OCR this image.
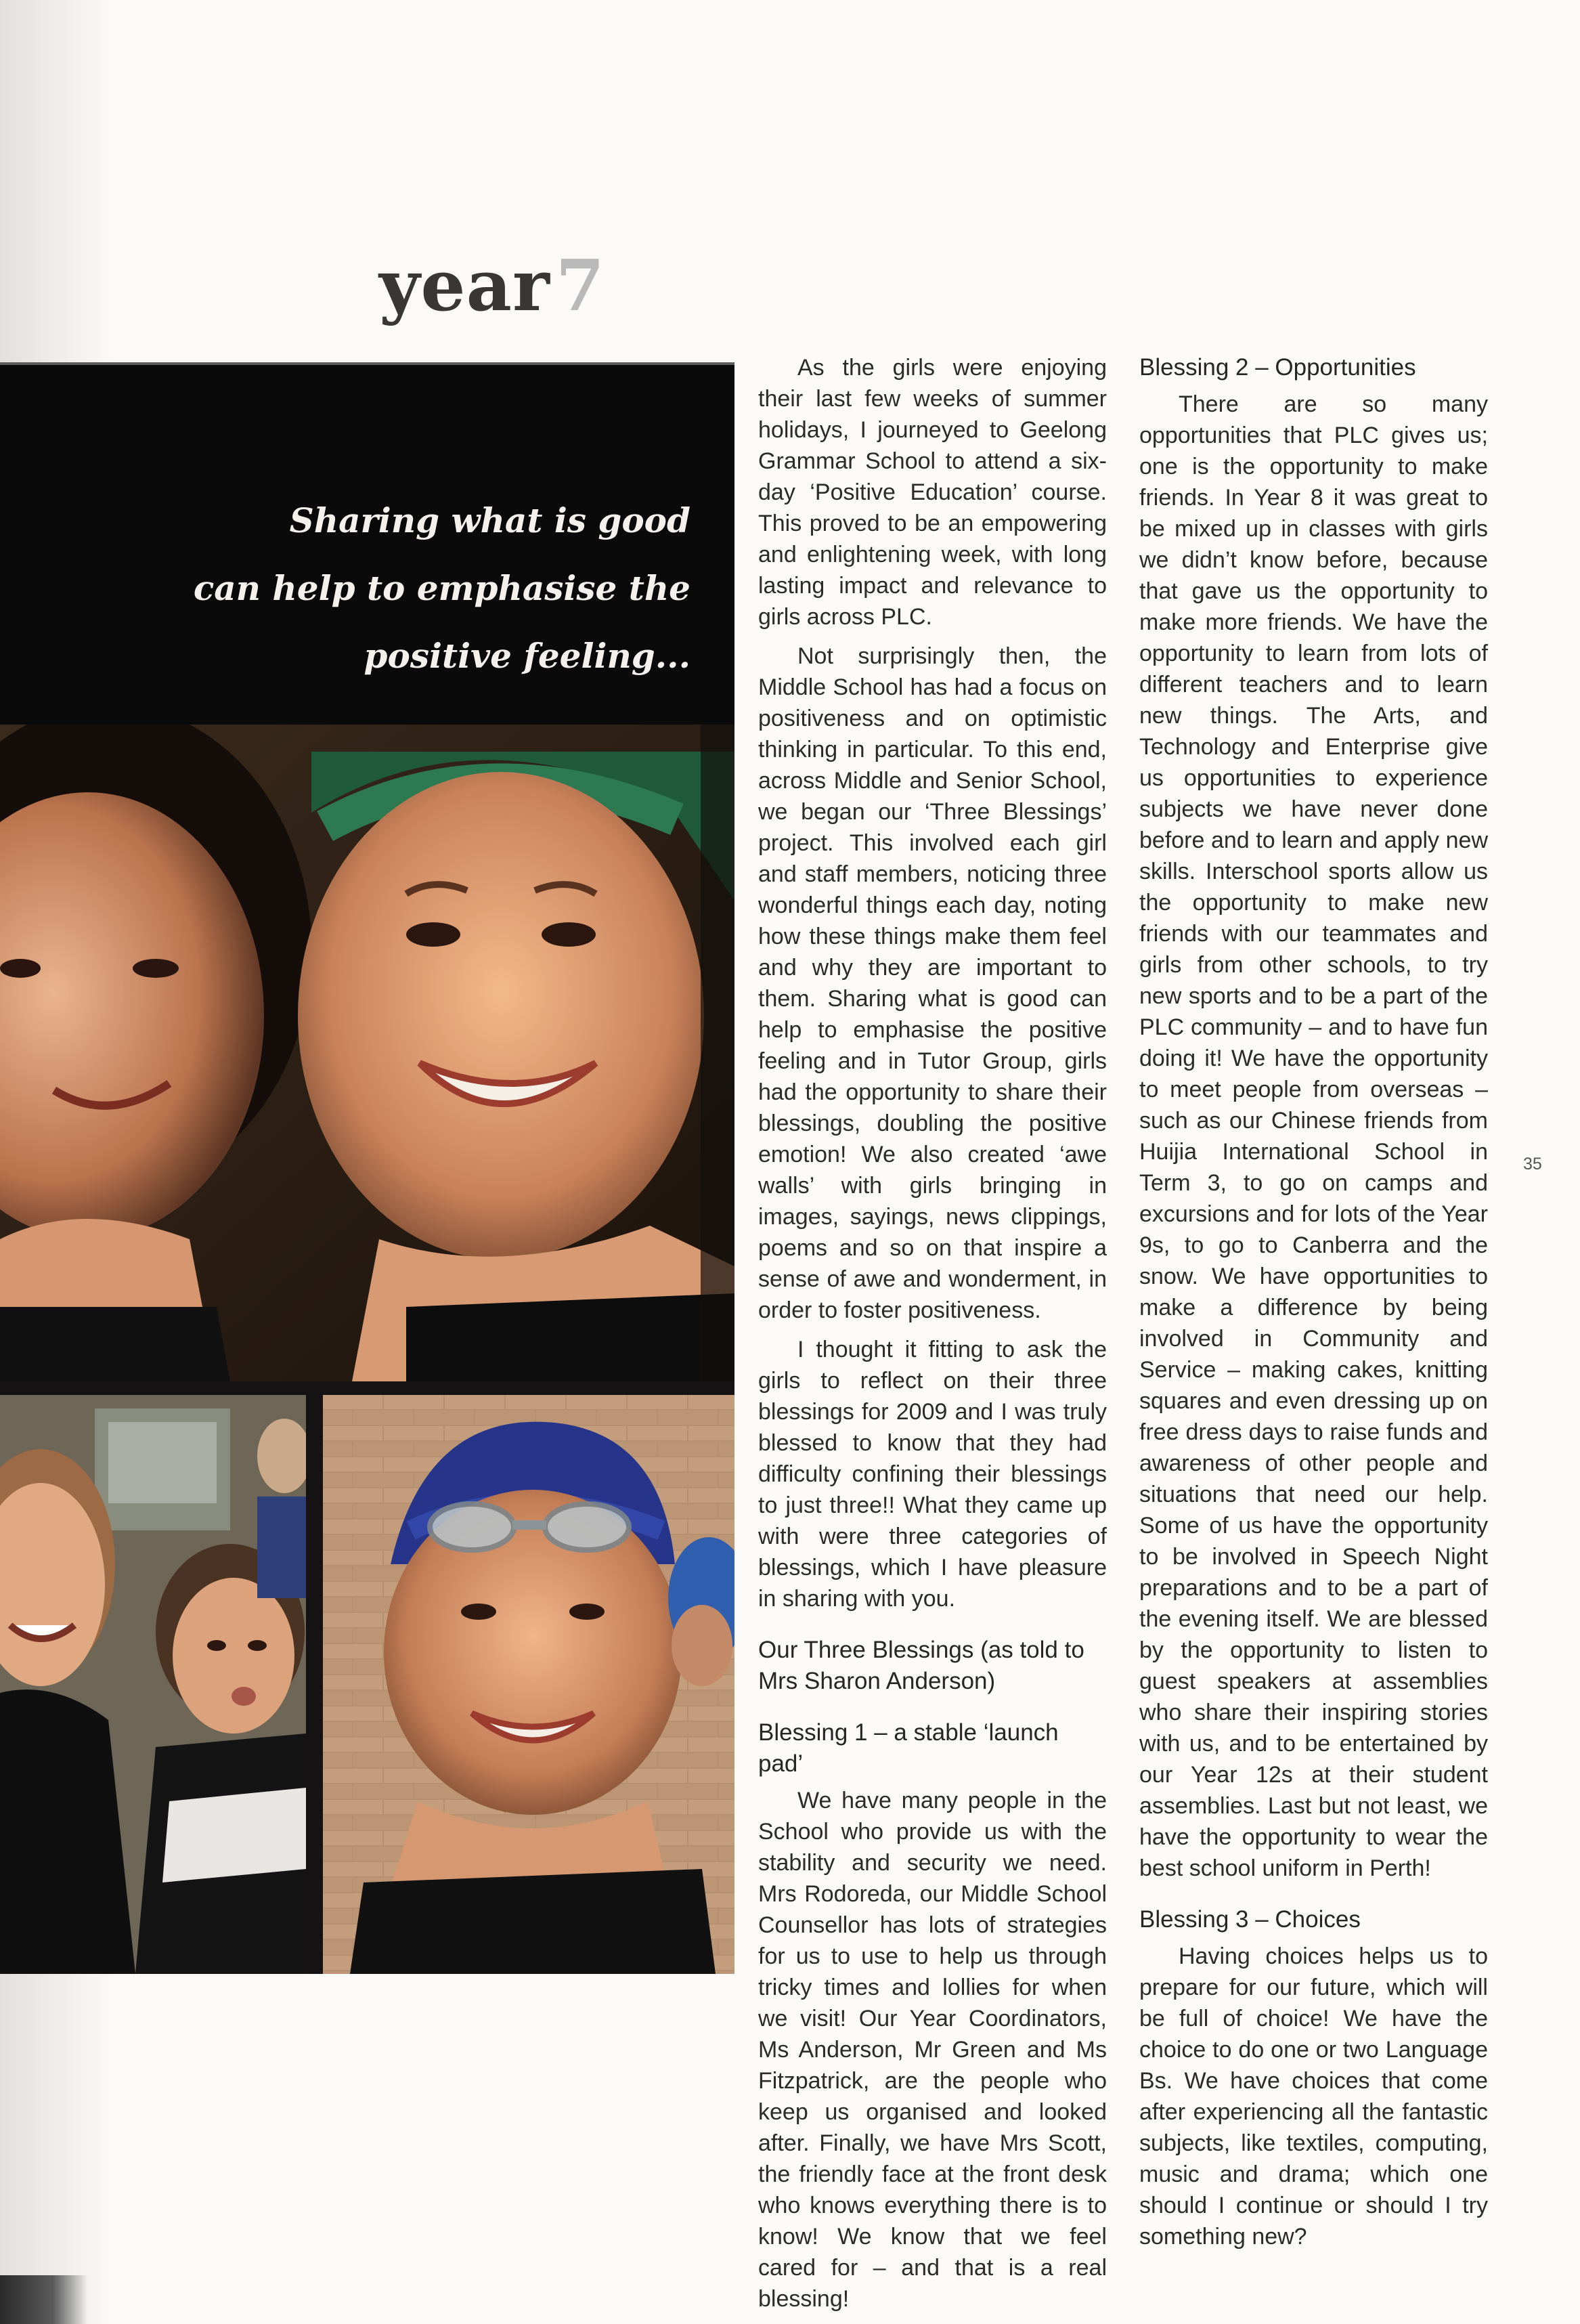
year7
Sharing what is good
can help to emphasise the
positive feeling...

As the girls were enjoying their last few weeks of summer holidays, I journeyed to Geelong Grammar School to attend a six-day ‘Positive Education’ course. This proved to be an empowering and enlightening week, with long lasting impact and relevance to girls across PLC.

Not surprisingly then, the Middle School has had a focus on positiveness and on optimistic thinking in particular. To this end, across Middle and Senior School, we began our ‘Three Blessings’ project. This involved each girl and staff members, noticing three wonderful things each day, noting how these things make them feel and why they are important to them. Sharing what is good can help to emphasise the positive feeling and in Tutor Group, girls had the opportunity to share their blessings, doubling the positive emotion! We also created ‘awe walls’ with girls bringing in images, sayings, news clippings, poems and so on that inspire a sense of awe and wonderment, in order to foster positiveness.

I thought it fitting to ask the girls to reflect on their three blessings for 2009 and I was truly blessed to know that they had difficulty confining their blessings to just three!! What they came up with were three categories of blessings, which I have pleasure in sharing with you.

Our Three Blessings (as told to Mrs Sharon Anderson)
Blessing 1 – a stable ‘launch pad’

We have many people in the School who provide us with the stability and security we need. Mrs Rodoreda, our Middle School Counsellor has lots of strategies for us to use to help us through tricky times and lollies for when we visit! Our Year Coordinators, Ms Anderson, Mr Green and Ms Fitzpatrick, are the people who keep us organised and looked after. Finally, we have Mrs Scott, the friendly face at the front desk who knows everything there is to know! We know that we feel cared for – and that is a real blessing!

Blessing 2 – Opportunities

There are so many opportunities that PLC gives us; one is the opportunity to make friends. In Year 8 it was great to be mixed up in classes with girls we didn’t know before, because that gave us the opportunity to make more friends. We have the opportunity to learn from lots of different teachers and to learn new things. The Arts, and Technology and Enterprise give us opportunities to experience subjects we have never done before and to learn and apply new skills. Interschool sports allow us the opportunity to make new friends with our teammates and girls from other schools, to try new sports and to be a part of the PLC community – and to have fun doing it! We have the opportunity to meet people from overseas – such as our Chinese friends from Huijia International School in Term 3, to go on camps and excursions and for lots of the Year 9s, to go to Canberra and the snow. We have opportunities to make a difference by being involved in Community and Service – making cakes, knitting squares and even dressing up on free dress days to raise funds and awareness of other people and situations that need our help. Some of us have the opportunity to be involved in Speech Night preparations and to be a part of the evening itself. We are blessed by the opportunity to listen to guest speakers at assemblies who share their inspiring stories with us, and to be entertained by our Year 12s at their student assemblies. Last but not least, we have the opportunity to wear the best school uniform in Perth!

Blessing 3 – Choices

Having choices helps us to prepare for our future, which will be full of choice! We have the choice to do one or two Language Bs. We have choices that come after experiencing all the fantastic subjects, like textiles, computing, music and drama; which one should I continue or should I try something new?

35
